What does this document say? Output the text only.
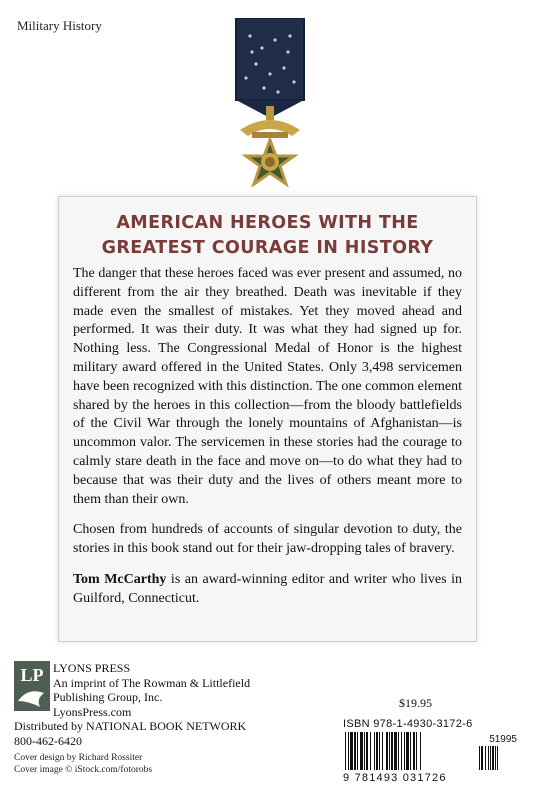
Military History
AMERICAN HEROES WITH THE
GREATEST COURAGE IN HISTORY

The danger that these heroes faced was ever present and assumed, no different from the air they breathed. Death was inevitable if they made even the smallest of mistakes. Yet they moved ahead and performed. It was their duty. It was what they had signed up for. Nothing less. The Congressional Medal of Honor is the highest military award offered in the United States. Only 3,498 servicemen have been recognized with this distinction. The one common element shared by the heroes in this collection—from the bloody battlefields of the Civil War through the lonely mountains of Afghanistan—is uncommon valor. The servicemen in these stories had the courage to calmly stare death in the face and move on—to do what they had to because that was their duty and the lives of others meant more to them than their own.

Chosen from hundreds of accounts of singular devotion to duty, the stories in this book stand out for their jaw-dropping tales of bravery.

Tom McCarthy is an award-winning editor and writer who lives in Guilford, Connecticut.

LP LYONS PRESS
An imprint of The Rowman & Littlefield
Publishing Group, Inc.
LyonsPress.com
Distributed by NATIONAL BOOK NETWORK
800-462-6420
Cover design by Richard Rossiter
Cover image © iStock.com/fotorobs
$19.95
ISBN 978-1-4930-3172-6
51995
9 781493 031726
